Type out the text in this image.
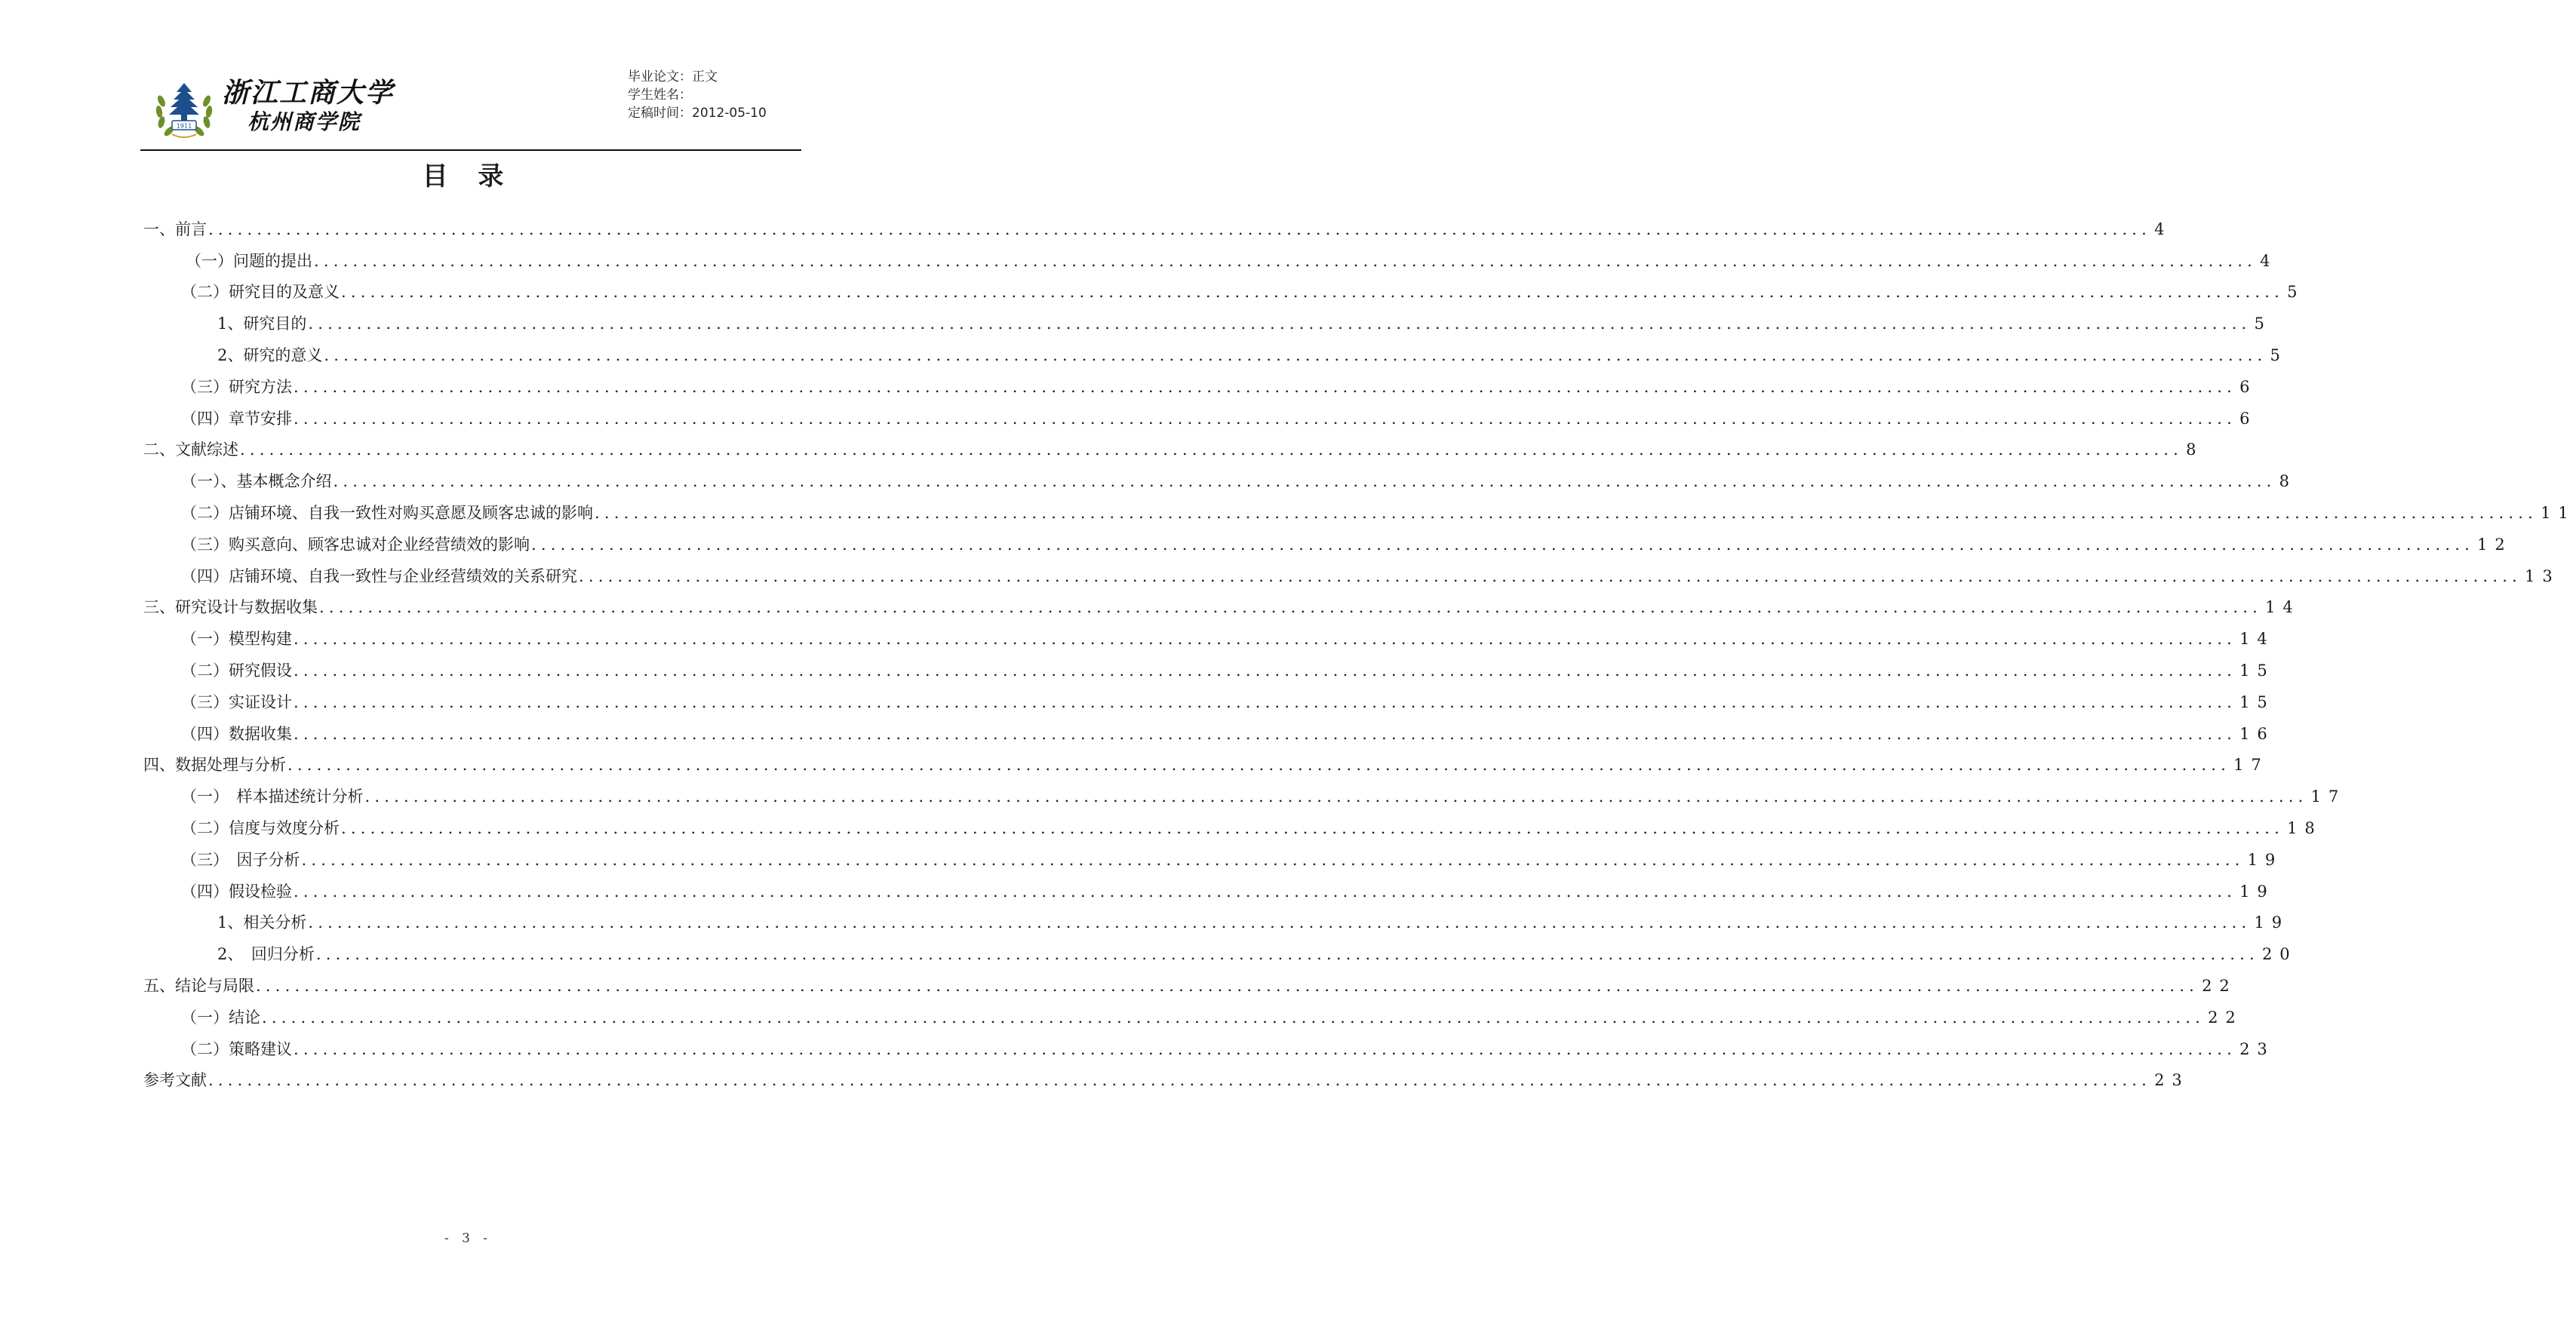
1911
浙江工商大学
杭州商学院
毕业论文：正文
学生姓名：
定稿时间：2012-05-10
目 录
一、前言 ........................................................................................................................................................................................................ 4
（一）问题的提出 ........................................................................................................................................................................................................ 4
（二）研究目的及意义 ........................................................................................................................................................................................................ 5
1、研究目的 ........................................................................................................................................................................................................ 5
2、研究的意义 ........................................................................................................................................................................................................ 5
（三）研究方法 ........................................................................................................................................................................................................ 6
（四）章节安排 ........................................................................................................................................................................................................ 6
二、文献综述 ........................................................................................................................................................................................................ 8
（一）、基本概念介绍 ........................................................................................................................................................................................................ 8
（二）店铺环境、自我一致性对购买意愿及顾客忠诚的影响 ........................................................................................................................................................................................................ 11
（三）购买意向、顾客忠诚对企业经营绩效的影响 ........................................................................................................................................................................................................ 12
（四）店铺环境、自我一致性与企业经营绩效的关系研究 ........................................................................................................................................................................................................ 13
三、研究设计与数据收集 ........................................................................................................................................................................................................ 14
（一）模型构建 ........................................................................................................................................................................................................ 14
（二）研究假设 ........................................................................................................................................................................................................ 15
（三）实证设计 ........................................................................................................................................................................................................ 15
（四）数据收集 ........................................................................................................................................................................................................ 16
四、数据处理与分析 ........................................................................................................................................................................................................ 17
（一）　样本描述统计分析 ........................................................................................................................................................................................................ 17
（二）信度与效度分析 ........................................................................................................................................................................................................ 18
（三）　因子分析 ........................................................................................................................................................................................................ 19
（四）假设检验 ........................................................................................................................................................................................................ 19
1、相关分析 ........................................................................................................................................................................................................ 19
2、　回归分析 ........................................................................................................................................................................................................ 20
五、结论与局限 ........................................................................................................................................................................................................ 22
（一）结论 ........................................................................................................................................................................................................ 22
（二）策略建议 ........................................................................................................................................................................................................ 23
参考文献 ........................................................................................................................................................................................................ 23
- 3 -
